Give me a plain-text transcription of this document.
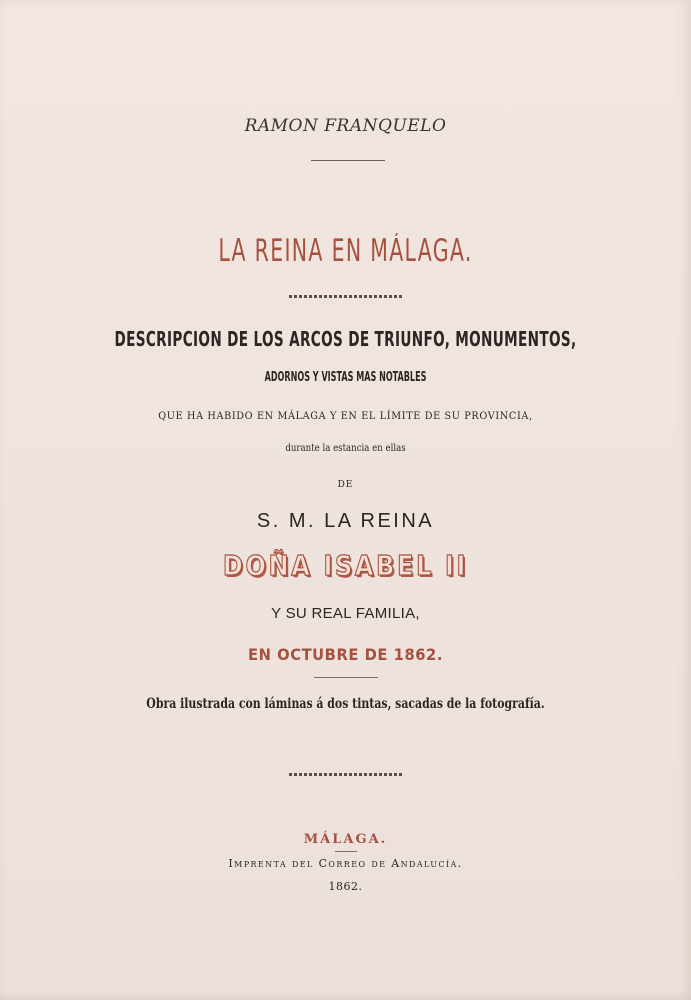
RAMON FRANQUELO
LA REINA EN MÁLAGA.
DESCRIPCION DE LOS ARCOS DE TRIUNFO, MONUMENTOS,
ADORNOS Y VISTAS MAS NOTABLES
QUE HA HABIDO EN MÁLAGA Y EN EL LÍMITE DE SU PROVINCIA,
durante la estancia en ellas
DE
S. M. LA REINA
DOÑA ISABEL II
Y SU REAL FAMILIA,
EN OCTUBRE DE 1862.
Obra ilustrada con láminas á dos tintas, sacadas de la fotografía.
MÁLAGA.
Imprenta del Correo de Andalucía.
1862.
